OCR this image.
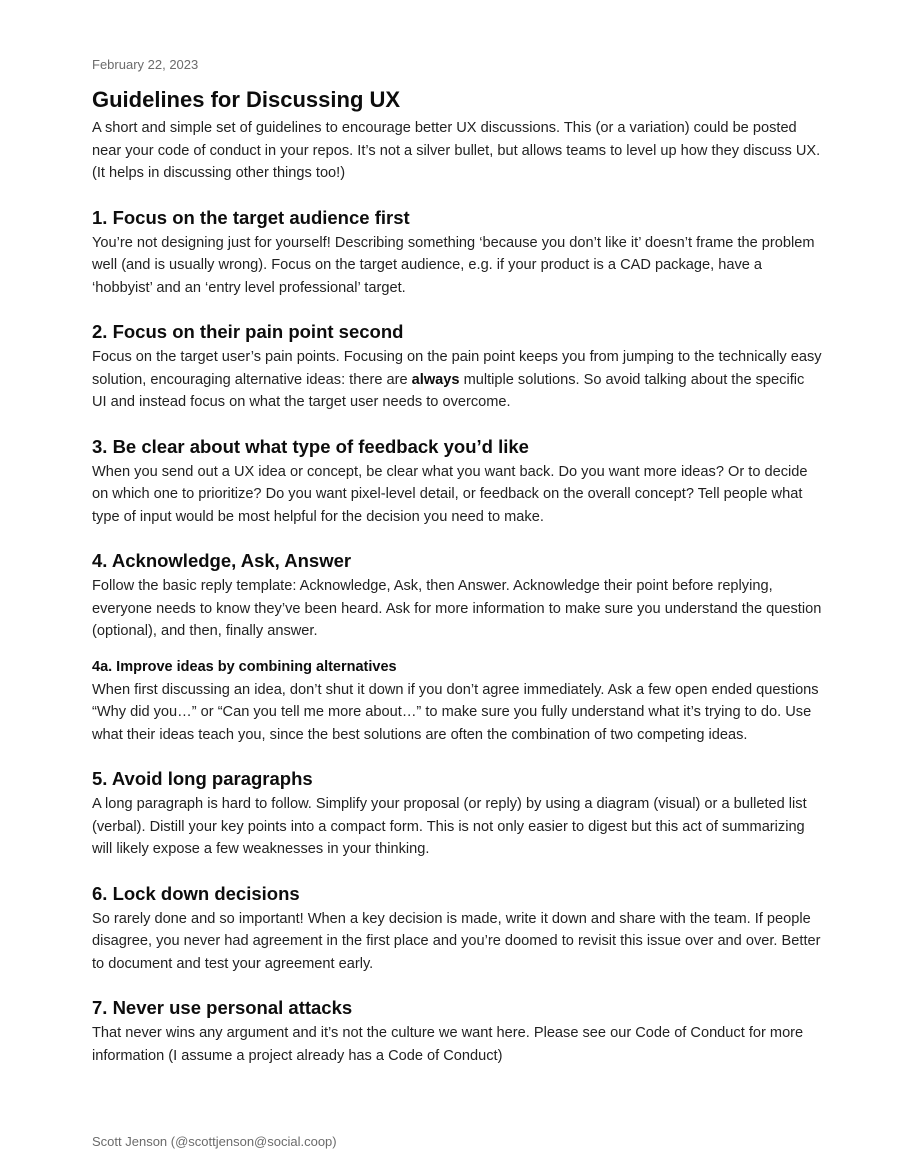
February 22, 2023

Guidelines for Discussing UX

A short and simple set of guidelines to encourage better UX discussions. This (or a variation) could be posted near your code of conduct in your repos. It’s not a silver bullet, but allows teams to level up how they discuss UX. (It helps in discussing other things too!)

1. Focus on the target audience first

You’re not designing just for yourself! Describing something ‘because you don’t like it’ doesn’t frame the problem well (and is usually wrong). Focus on the target audience, e.g. if your product is a CAD package, have a ‘hobbyist’ and an ‘entry level professional’ target.

2. Focus on their pain point second

Focus on the target user’s pain points. Focusing on the pain point keeps you from jumping to the technically easy solution, encouraging alternative ideas: there are always multiple solutions. So avoid talking about the specific UI and instead focus on what the target user needs to overcome.

3. Be clear about what type of feedback you’d like

When you send out a UX idea or concept, be clear what you want back. Do you want more ideas? Or to decide on which one to prioritize? Do you want pixel-level detail, or feedback on the overall concept? Tell people what type of input would be most helpful for the decision you need to make.

4. Acknowledge, Ask, Answer

Follow the basic reply template: Acknowledge, Ask, then Answer. Acknowledge their point before replying, everyone needs to know they’ve been heard. Ask for more information to make sure you understand the question (optional), and then, finally answer.

4a. Improve ideas by combining alternatives

When first discussing an idea, don’t shut it down if you don’t agree immediately. Ask a few open ended questions “Why did you…” or “Can you tell me more about…” to make sure you fully understand what it’s trying to do. Use what their ideas teach you, since the best solutions are often the combination of two competing ideas.

5. Avoid long paragraphs

A long paragraph is hard to follow. Simplify your proposal (or reply) by using a diagram (visual) or a bulleted list (verbal). Distill your key points into a compact form. This is not only easier to digest but this act of summarizing will likely expose a few weaknesses in your thinking.

6. Lock down decisions

So rarely done and so important! When a key decision is made, write it down and share with the team. If people disagree, you never had agreement in the first place and you’re doomed to revisit this issue over and over. Better to document and test your agreement early.

7. Never use personal attacks

That never wins any argument and it’s not the culture we want here. Please see our Code of Conduct for more information (I assume a project already has a Code of Conduct)

Scott Jenson (@scottjenson@social.coop)
